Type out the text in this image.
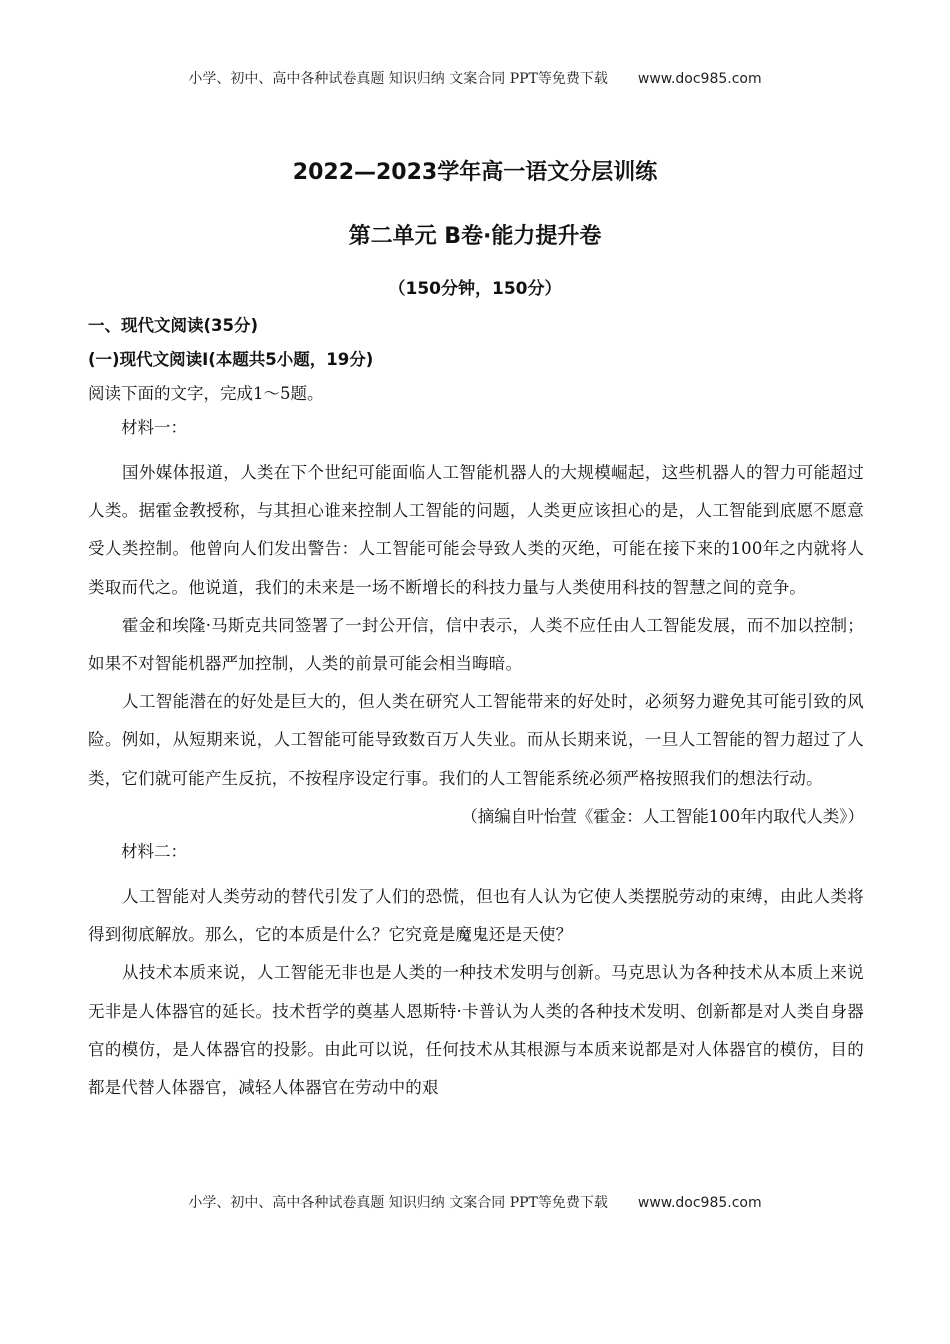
小学、初中、高中各种试卷真题 知识归纳 文案合同 PPT等免费下载 www.doc985.com
2022—2023学年高一语文分层训练
第二单元 B卷·能力提升卷
（150分钟，150分）
一、现代文阅读(35分)
(一)现代文阅读Ⅰ(本题共5小题，19分)
阅读下面的文字，完成1～5题。
材料一：

国外媒体报道，人类在下个世纪可能面临人工智能机器人的大规模崛起，这些机器人的智力可能超过人类。据霍金教授称，与其担心谁来控制人工智能的问题，人类更应该担心的是，人工智能到底愿不愿意受人类控制。他曾向人们发出警告：人工智能可能会导致人类的灭绝，可能在接下来的100年之内就将人类取而代之。他说道，我们的未来是一场不断增长的科技力量与人类使用科技的智慧之间的竞争。

霍金和埃隆·马斯克共同签署了一封公开信，信中表示，人类不应任由人工智能发展，而不加以控制；如果不对智能机器严加控制，人类的前景可能会相当晦暗。

人工智能潜在的好处是巨大的，但人类在研究人工智能带来的好处时，必须努力避免其可能引致的风险。例如，从短期来说，人工智能可能导致数百万人失业。而从长期来说，一旦人工智能的智力超过了人类，它们就可能产生反抗，不按程序设定行事。我们的人工智能系统必须严格按照我们的想法行动。

（摘编自叶怡萱《霍金：人工智能100年内取代人类》）
材料二：

人工智能对人类劳动的替代引发了人们的恐慌，但也有人认为它使人类摆脱劳动的束缚，由此人类将得到彻底解放。那么，它的本质是什么？它究竟是魔鬼还是天使？

从技术本质来说，人工智能无非也是人类的一种技术发明与创新。马克思认为各种技术从本质上来说无非是人体器官的延长。技术哲学的奠基人恩斯特·卡普认为人类的各种技术发明、创新都是对人类自身器官的模仿，是人体器官的投影。由此可以说，任何技术从其根源与本质来说都是对人体器官的模仿，目的都是代替人体器官，减轻人体器官在劳动中的艰

小学、初中、高中各种试卷真题 知识归纳 文案合同 PPT等免费下载 www.doc985.com
